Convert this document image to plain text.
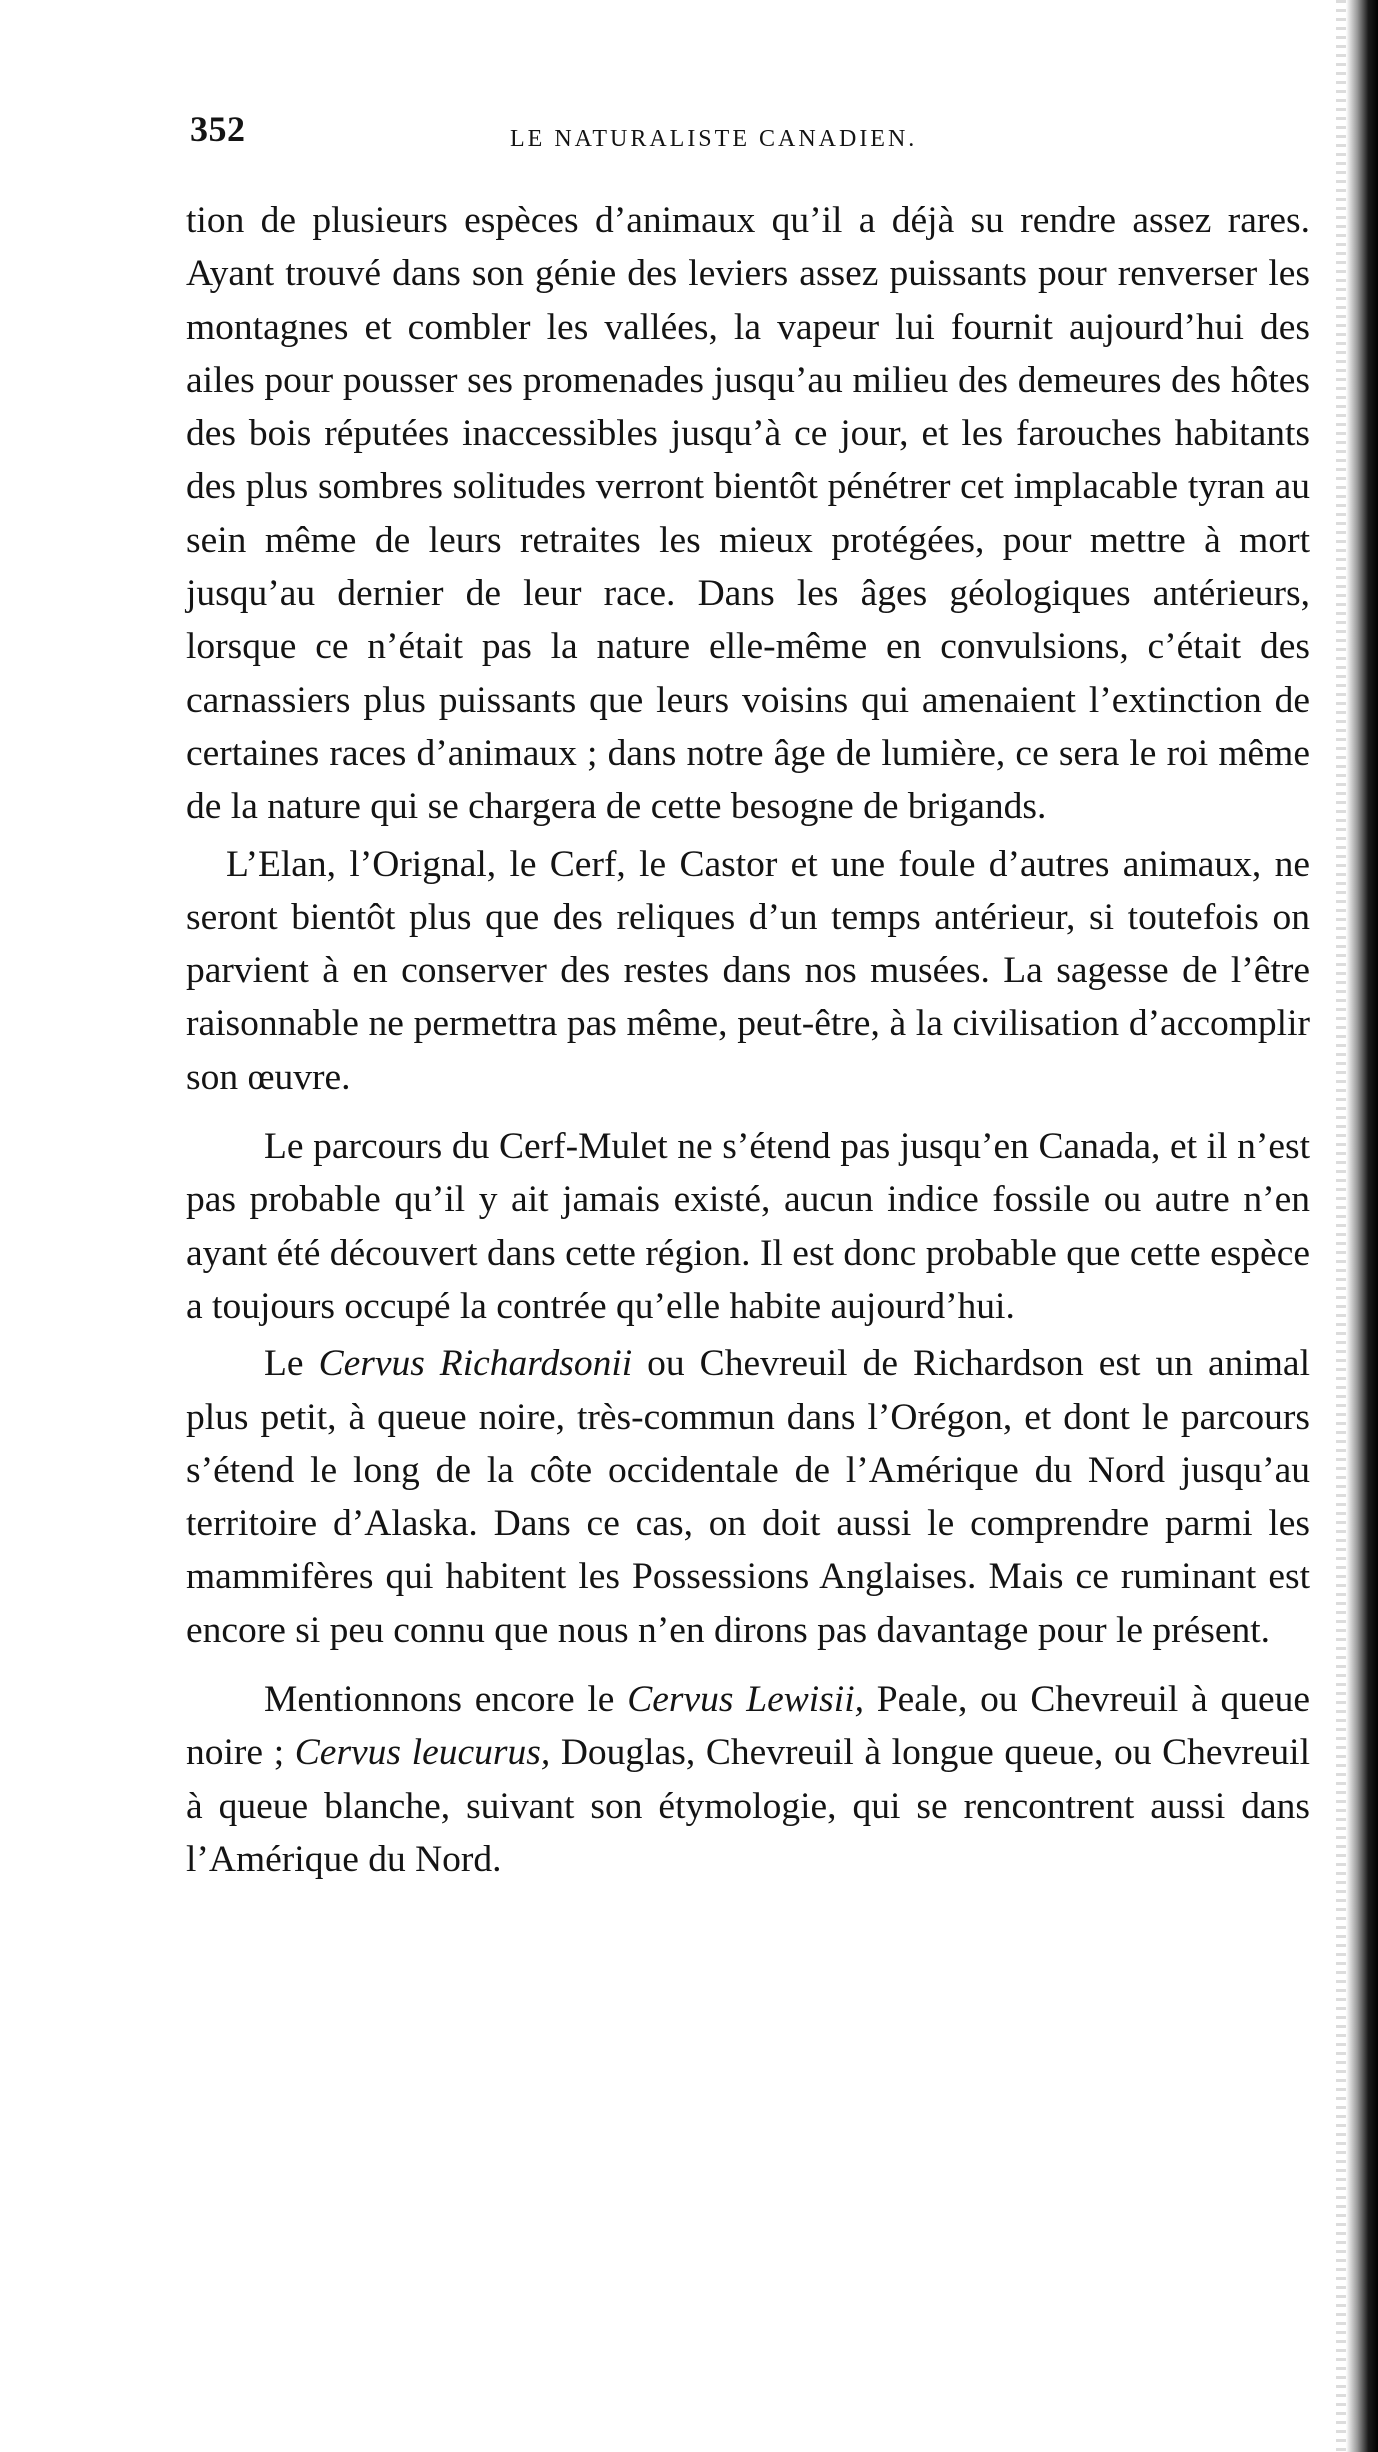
352	LE NATURALISTE CANADIEN.

tion de plusieurs espèces d’animaux qu’il a déjà su rendre assez rares. Ayant trouvé dans son génie des leviers assez puissants pour renverser les montagnes et combler les vallées, la vapeur lui fournit aujourd’hui des ailes pour pousser ses promenades jusqu’au milieu des demeures des hôtes des bois réputées inaccessibles jusqu’à ce jour, et les farouches habitants des plus sombres solitudes verront bientôt pénétrer cet implacable tyran au sein même de leurs retraites les mieux protégées, pour mettre à mort jusqu’au dernier de leur race. Dans les âges géologiques antérieurs, lorsque ce n’était pas la nature elle-même en convulsions, c’était des carnassiers plus puissants que leurs voisins qui amenaient l’extinction de certaines races d’animaux ; dans notre âge de lumière, ce sera le roi même de la nature qui se chargera de cette besogne de brigands.

L’Elan, l’Orignal, le Cerf, le Castor et une foule d’autres animaux, ne seront bientôt plus que des reliques d’un temps antérieur, si toutefois on parvient à en conserver des restes dans nos musées. La sagesse de l’être raisonnable ne permettra pas même, peut-être, à la civilisation d’accomplir son œuvre.

Le parcours du Cerf-Mulet ne s’étend pas jusqu’en Canada, et il n’est pas probable qu’il y ait jamais existé, aucun indice fossile ou autre n’en ayant été découvert dans cette région. Il est donc probable que cette espèce a toujours occupé la contrée qu’elle habite aujourd’hui.

Le Cervus Richardsonii ou Chevreuil de Richardson est un animal plus petit, à queue noire, très-commun dans l’Orégon, et dont le parcours s’étend le long de la côte occidentale de l’Amérique du Nord jusqu’au territoire d’Alaska. Dans ce cas, on doit aussi le comprendre parmi les mammifères qui habitent les Possessions Anglaises. Mais ce ruminant est encore si peu connu que nous n’en dirons pas davantage pour le présent.

Mentionnons encore le Cervus Lewisii, Peale, ou Chevreuil à queue noire ; Cervus leucurus, Douglas, Chevreuil à longue queue, ou Chevreuil à queue blanche, suivant son étymologie, qui se rencontrent aussi dans l’Amérique du Nord.
